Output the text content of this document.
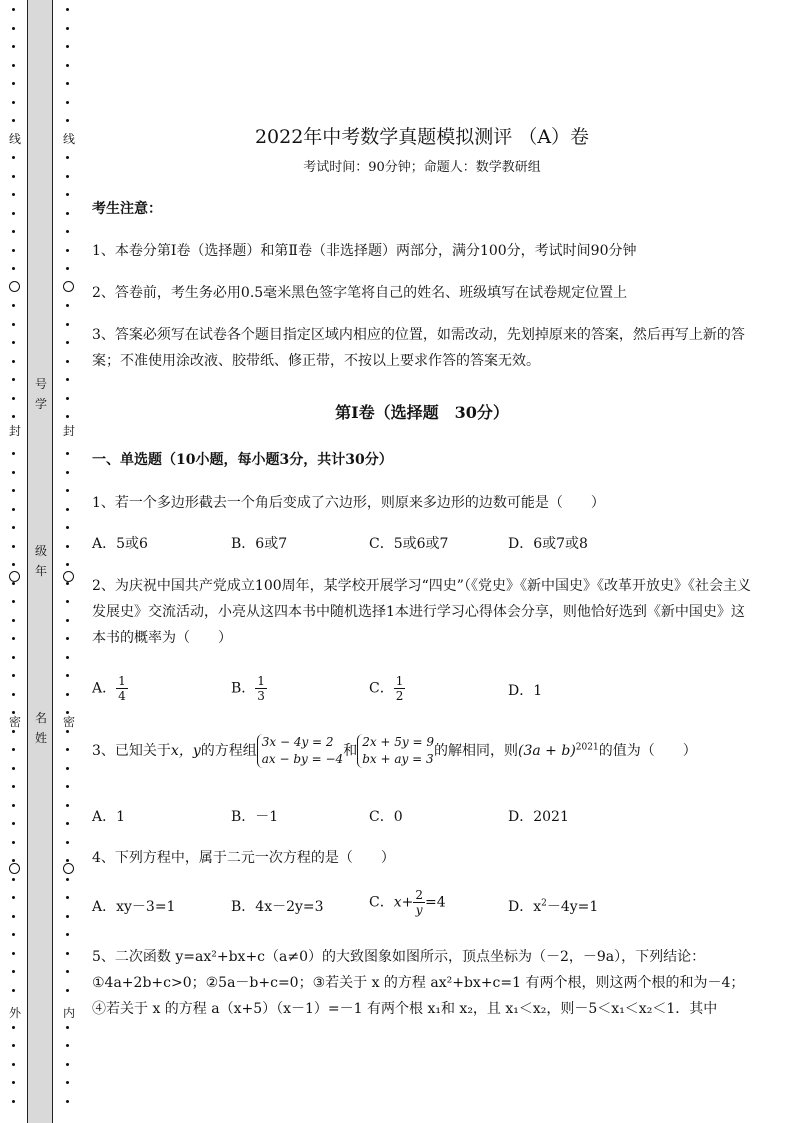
线
封
密
外
号
学
级
年
名
姓
线
封
密
内
2022年中考数学真题模拟测评 （A）卷
考试时间：90分钟；命题人：数学教研组
考生注意：
1、本卷分第I卷（选择题）和第Ⅱ卷（非选择题）两部分，满分100分，考试时间90分钟
2、答卷前，考生务必用0.5毫米黑色签字笔将自己的姓名、班级填写在试卷规定位置上
3、答案必须写在试卷各个题目指定区域内相应的位置，如需改动，先划掉原来的答案，然后再写上新的答案；不准使用涂改液、胶带纸、修正带，不按以上要求作答的答案无效。
第I卷（选择题　30分）
一、单选题（10小题，每小题3分，共计30分）
1、若一个多边形截去一个角后变成了六边形，则原来多边形的边数可能是（　　）
A．5或6	B．6或7	C．5或6或7	D．6或7或8
2、为庆祝中国共产党成立100周年，某学校开展学习“四史”（《党史》《新中国史》《改革开放史》《社会主义发展史》交流活动，小亮从这四本书中随机选择1本进行学习心得体会分享，则他恰好选到《新中国史》这本书的概率为（　　）
A． $\frac{1}{4}$	B． $\frac{1}{3}$	C． $\frac{1}{2}$	D．1
3、已知关于x，y的方程组
3x − 4y = 2
ax − by = −4 和
2x + 5y = 9
bx + ay = 3 的解相同，则$(3a + b)^{2021}$的值为（　　）
A．1	B．－1	C．0	D．2021
4、下列方程中，属于二元一次方程的是（　　）
A．xy－3=1	B．4x－2y=3	C．$x+ \frac{2}{y} =4$	D．$x^2-4y=1$
5、二次函数 y=ax²+bx+c（a≠0）的大致图象如图所示，顶点坐标为（－2，－9a），下列结论：
①4a+2b+c>0；②5a－b+c=0；③若关于 x 的方程 ax²+bx+c=1 有两个根，则这两个根的和为－4；
④若关于 x 的方程 a（x+5）（x－1）=－1 有两个根 x₁和 x₂，且 x₁＜x₂，则－5＜x₁＜x₂＜1．其中
